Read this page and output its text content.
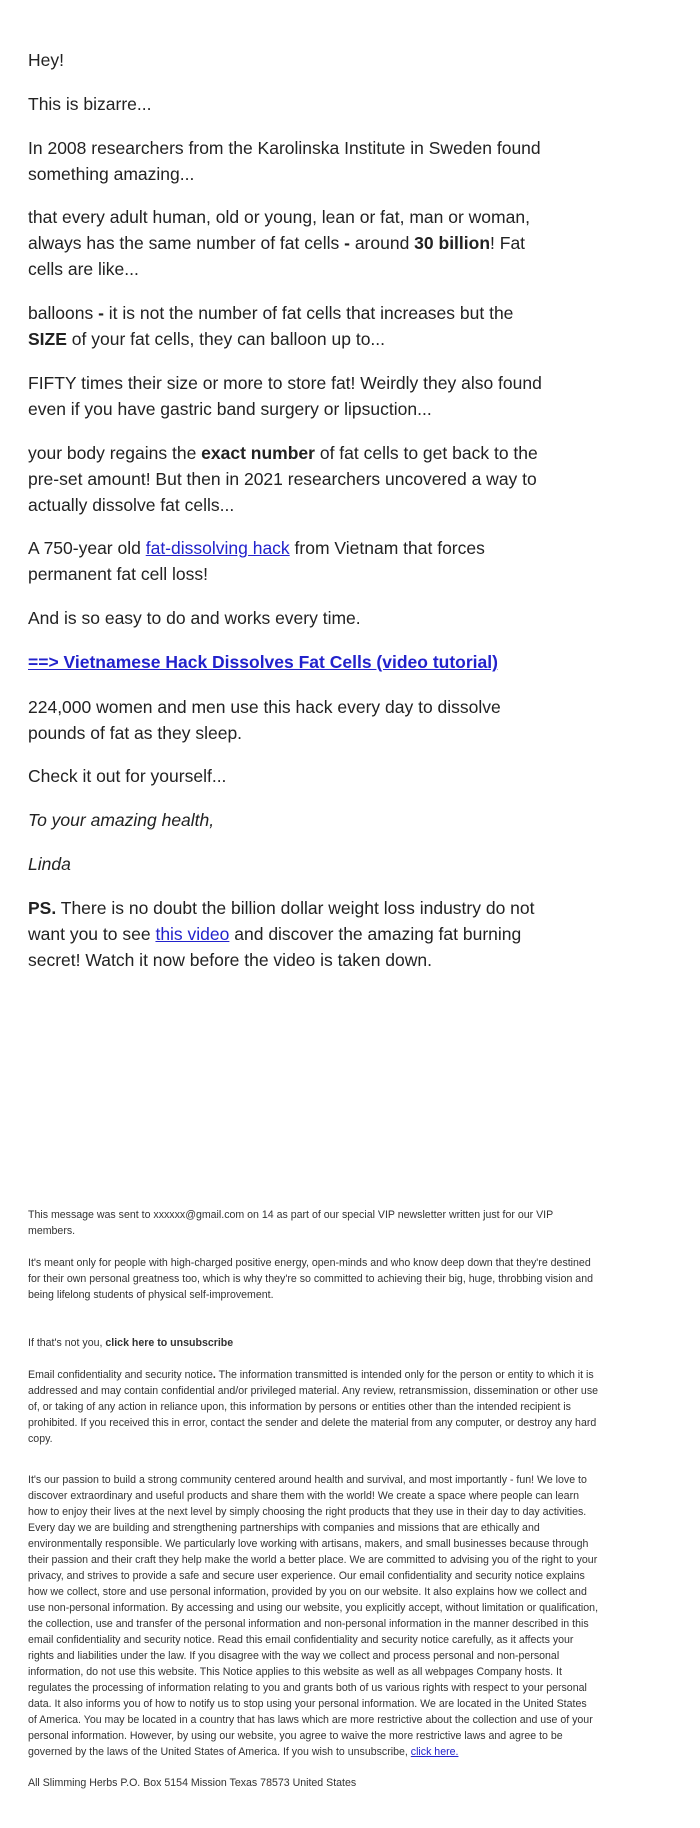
Hey!

This is bizarre...

In 2008 researchers from the Karolinska Institute in Sweden found something amazing...

that every adult human, old or young, lean or fat, man or woman, always has the same number of fat cells - around 30 billion! Fat cells are like...

balloons - it is not the number of fat cells that increases but the SIZE of your fat cells, they can balloon up to...

FIFTY times their size or more to store fat! Weirdly they also found even if you have gastric band surgery or lipsuction...

your body regains the exact number of fat cells to get back to the pre-set amount! But then in 2021 researchers uncovered a way to actually dissolve fat cells...

A 750-year old fat-dissolving hack from Vietnam that forces permanent fat cell loss!

And is so easy to do and works every time.

==> Vietnamese Hack Dissolves Fat Cells (video tutorial)

224,000 women and men use this hack every day to dissolve pounds of fat as they sleep.

Check it out for yourself...

To your amazing health,

Linda

PS. There is no doubt the billion dollar weight loss industry do not want you to see this video and discover the amazing fat burning secret! Watch it now before the video is taken down.

This message was sent to xxxxxx@gmail.com on 14 as part of our special VIP newsletter written just for our VIP members.

It's meant only for people with high-charged positive energy, open-minds and who know deep down that they're destined for their own personal greatness too, which is why they're so committed to achieving their big, huge, throbbing vision and being lifelong students of physical self-improvement.

If that's not you, click here to unsubscribe

Email confidentiality and security notice. The information transmitted is intended only for the person or entity to which it is addressed and may contain confidential and/or privileged material. Any review, retransmission, dissemination or other use of, or taking of any action in reliance upon, this information by persons or entities other than the intended recipient is prohibited. If you received this in error, contact the sender and delete the material from any computer, or destroy any hard copy.

It's our passion to build a strong community centered around health and survival, and most importantly - fun! We love to discover extraordinary and useful products and share them with the world! We create a space where people can learn how to enjoy their lives at the next level by simply choosing the right products that they use in their day to day activities. Every day we are building and strengthening partnerships with companies and missions that are ethically and environmentally responsible. We particularly love working with artisans, makers, and small businesses because through their passion and their craft they help make the world a better place. We are committed to advising you of the right to your privacy, and strives to provide a safe and secure user experience. Our email confidentiality and security notice explains how we collect, store and use personal information, provided by you on our website. It also explains how we collect and use non-personal information. By accessing and using our website, you explicitly accept, without limitation or qualification, the collection, use and transfer of the personal information and non-personal information in the manner described in this email confidentiality and security notice. Read this email confidentiality and security notice carefully, as it affects your rights and liabilities under the law. If you disagree with the way we collect and process personal and non-personal information, do not use this website. This Notice applies to this website as well as all webpages Company hosts. It regulates the processing of information relating to you and grants both of us various rights with respect to your personal data. It also informs you of how to notify us to stop using your personal information. We are located in the United States of America. You may be located in a country that has laws which are more restrictive about the collection and use of your personal information. However, by using our website, you agree to waive the more restrictive laws and agree to be governed by the laws of the United States of America. If you wish to unsubscribe, click here.

All Slimming Herbs P.O. Box 5154 Mission Texas 78573 United States
